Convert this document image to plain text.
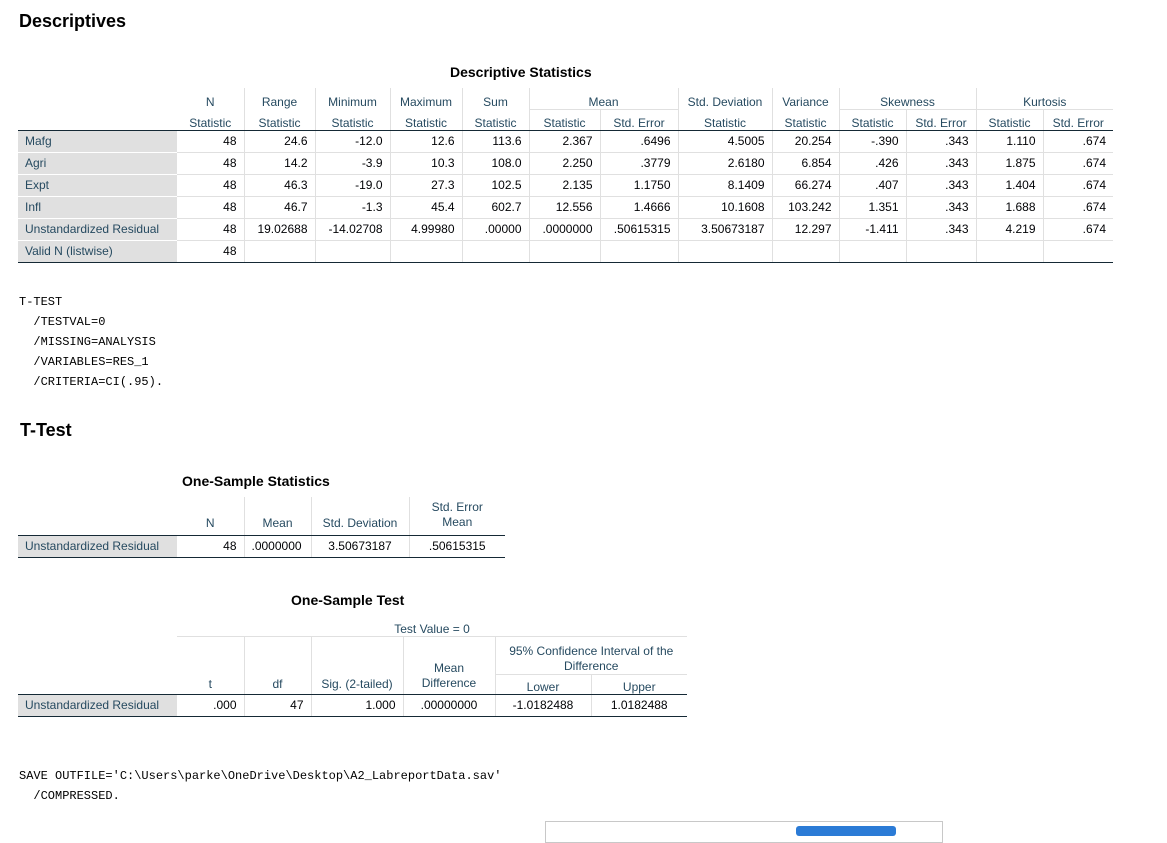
Descriptives
Descriptive Statistics
	N	Range	Minimum	Maximum	Sum	Mean		Std. Deviation	Variance	Skewness		Kurtosis	
	Statistic	Statistic	Statistic	Statistic	Statistic	Statistic	Std. Error	Statistic	Statistic	Statistic	Std. Error	Statistic	Std. Error
Mafg	48	24.6	-12.0	12.6	113.6	2.367	.6496	4.5005	20.254	-.390	.343	1.110	.674
Agri	48	14.2	-3.9	10.3	108.0	2.250	.3779	2.6180	6.854	.426	.343	1.875	.674
Expt	48	46.3	-19.0	27.3	102.5	2.135	1.1750	8.1409	66.274	.407	.343	1.404	.674
Infl	48	46.7	-1.3	45.4	602.7	12.556	1.4666	10.1608	103.242	1.351	.343	1.688	.674
Unstandardized Residual	48	19.02688	-14.02708	4.99980	.00000	.0000000	.50615315	3.50673187	12.297	-1.411	.343	4.219	.674
Valid N (listwise)	48												
T-TEST
/TESTVAL=0
/MISSING=ANALYSIS
/VARIABLES=RES_1
/CRITERIA=CI(.95).
T-Test
One-Sample Statistics
	N	Mean	Std. Deviation	Std. Error Mean
Unstandardized Residual	48	.0000000	3.50673187	.50615315
One-Sample Test
	Test Value = 0					
	t	df	Sig. (2-tailed)	Mean Difference	95% Confidence Interval of the Difference	
					Lower	Upper
Unstandardized Residual	.000	47	1.000	.00000000	-1.0182488	1.0182488
SAVE OUTFILE='C:\Users\parke\OneDrive\Desktop\A2_LabreportData.sav'
/COMPRESSED.
